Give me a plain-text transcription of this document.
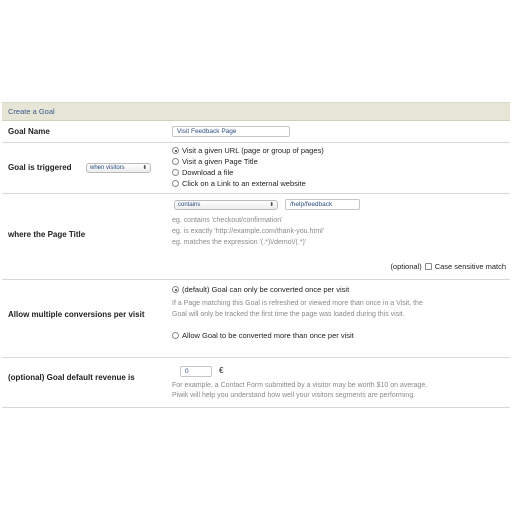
Create a Goal
Goal Name	Visit Feedback Page
Goal is triggered	when visitors	⬍
Visit a given URL (page or group of pages)
Visit a given Page Title
Download a file
Click on a Link to an external website
where the Page Title
contains	⬍	/help/feedback
eg. contains 'checkout/confirmation'
eg. is exactly 'http://example.com/thank-you.html'
eg. matches the expression '(.*)\/demo\/(.*)'
(optional) Case sensitive match
Allow multiple conversions per visit
(default) Goal can only be converted once per visit
If a Page matching this Goal is refreshed or viewed more than once in a Visit, the
Goal will only be tracked the first time the page was loaded during this visit.
Allow Goal to be converted more than once per visit
(optional) Goal default revenue is
0	€
For example, a Contact Form submitted by a visitor may be worth $10 on average.
Piwik will help you understand how well your visitors segments are performing.
